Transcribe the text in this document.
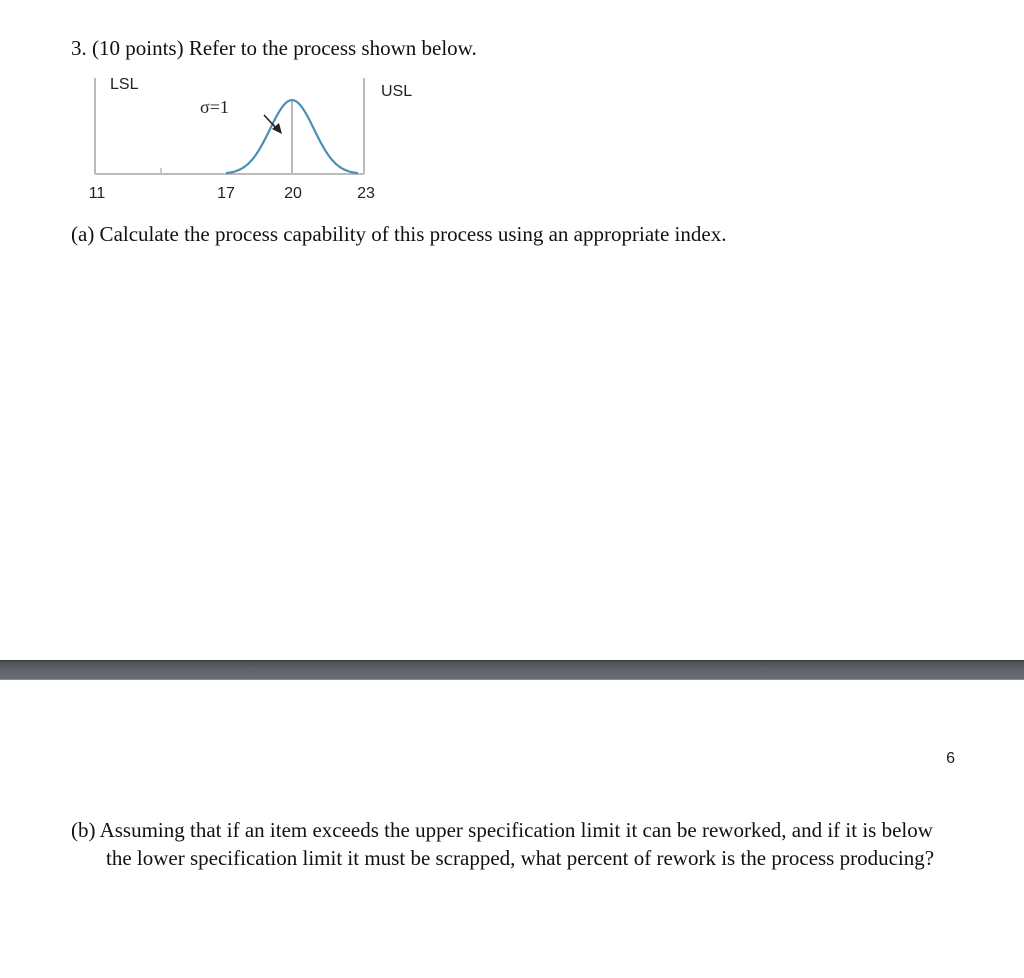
3. (10 points) Refer to the process shown below.
LSL	USL
σ=1
11	17	20	23
(a) Calculate the process capability of this process using an appropriate index.
6
(b) Assuming that if an item exceeds the upper specification limit it can be reworked, and if it is below the lower specification limit it must be scrapped, what percent of rework is the process producing?
